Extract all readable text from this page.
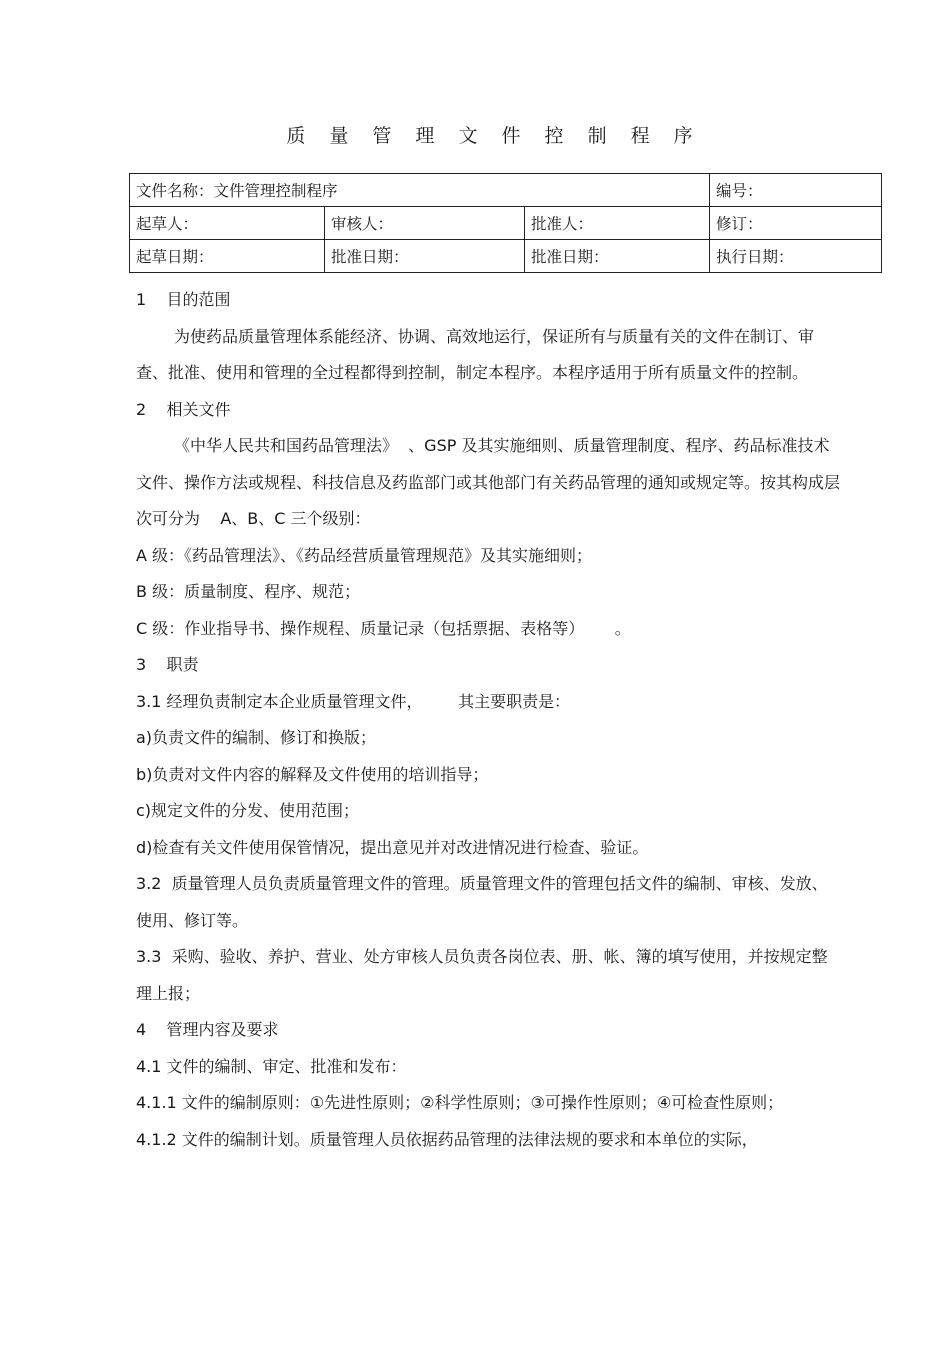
质 量 管 理 文 件 控 制 程 序
文件名称：文件管理控制程序			编号：
起草人：	审核人：	批准人：	修订：
起草日期：	批准日期：	批准日期：	执行日期：

1    目的范围

为使药品质量管理体系能经济、协调、高效地运行，保证所有与质量有关的文件在制订、审查、批准、使用和管理的全过程都得到控制，制定本程序。本程序适用于所有质量文件的控制。

2    相关文件

《中华人民共和国药品管理法》  、GSP 及其实施细则、质量管理制度、程序、药品标准技术文件、操作方法或规程、科技信息及药监部门或其他部门有关药品管理的通知或规定等。按其构成层次可分为    A、B、C 三个级别：

A 级：《药品管理法》、《药品经营质量管理规范》及其实施细则；

B 级：质量制度、程序、规范；

C 级：作业指导书、操作规程、质量记录（包括票据、表格等）      。

3    职责

3.1 经理负责制定本企业质量管理文件，       其主要职责是：

a)负责文件的编制、修订和换版；

b)负责对文件内容的解释及文件使用的培训指导；

c)规定文件的分发、使用范围；

d)检查有关文件使用保管情况，提出意见并对改进情况进行检查、验证。

3.2  质量管理人员负责质量管理文件的管理。质量管理文件的管理包括文件的编制、审核、发放、使用、修订等。

3.3  采购、验收、养护、营业、处方审核人员负责各岗位表、册、帐、簿的填写使用，并按规定整理上报；

4    管理内容及要求

4.1 文件的编制、审定、批准和发布：

4.1.1 文件的编制原则：①先进性原则；②科学性原则；③可操作性原则；④可检查性原则；

4.1.2 文件的编制计划。质量管理人员依据药品管理的法律法规的要求和本单位的实际，
